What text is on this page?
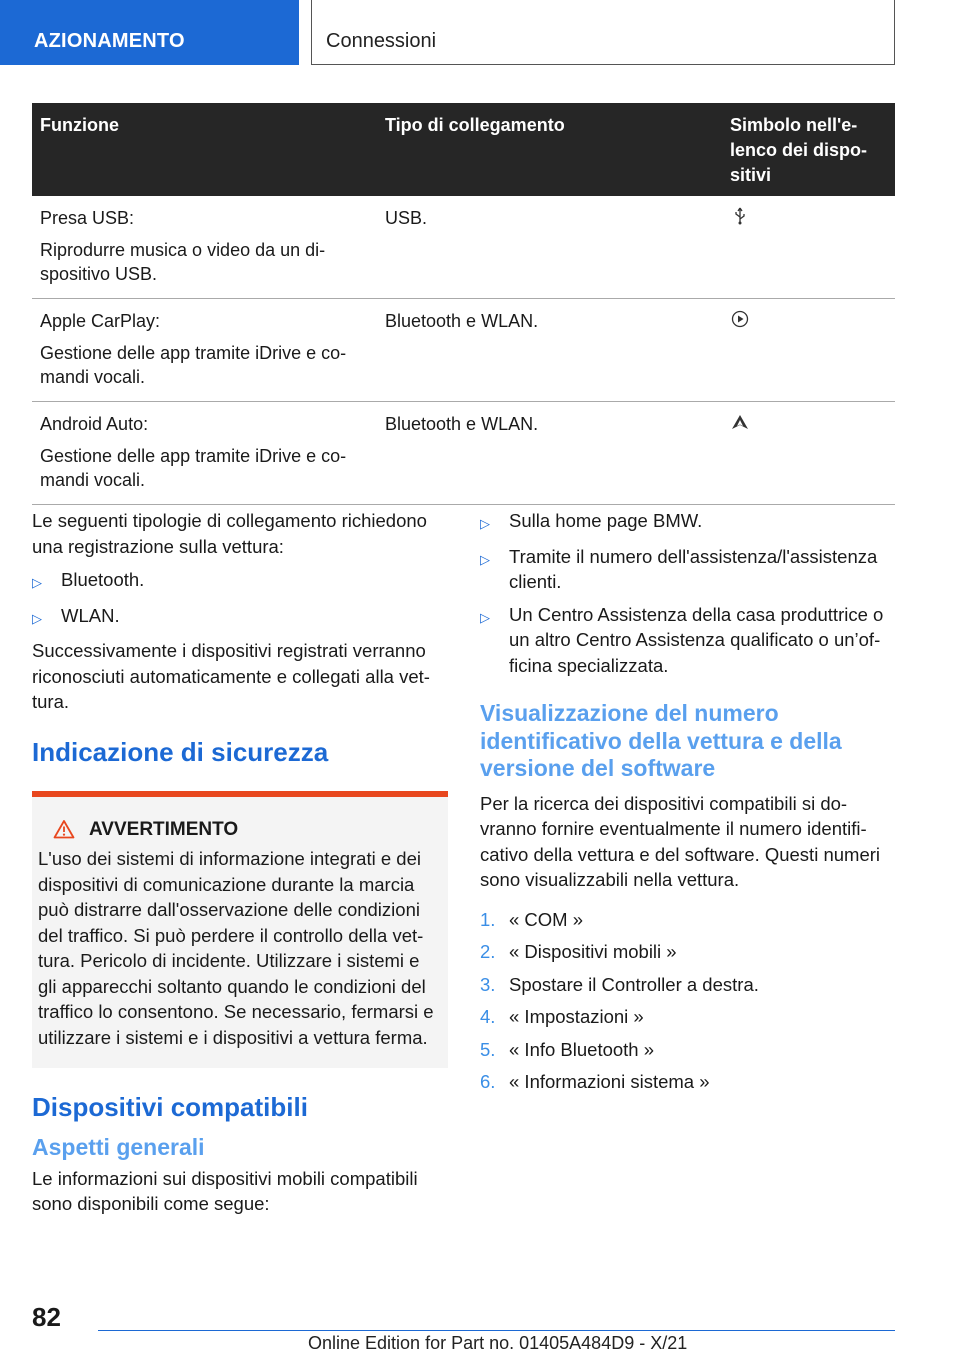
AZIONAMENTO	Connessioni
Funzione	Tipo di collegamento	Simbolo nell'e-
lenco dei dispo-
sitivi

Presa USB:

Riprodurre musica o video da un di-
spositivo USB.	USB.	

Apple CarPlay:

Gestione delle app tramite iDrive e co-
mandi vocali.	Bluetooth e WLAN.	

Android Auto:

Gestione delle app tramite iDrive e co-
mandi vocali.	Bluetooth e WLAN.	

Le seguenti tipologie di collegamento richiedono una registrazione sulla vettura:

▷	Bluetooth.
▷	WLAN.

Successivamente i dispositivi registrati verranno riconosciuti automaticamente e collegati alla vet-tura.

Indicazione di sicurezza
AVVERTIMENTO
L'uso dei sistemi di informazione integrati e dei dispositivi di comunicazione durante la marcia può distrarre dall'osservazione delle condizioni del traffico. Si può perdere il controllo della vet-tura. Pericolo di incidente. Utilizzare i sistemi e gli apparecchi soltanto quando le condizioni del traffico lo consentono. Se necessario, fermarsi e utilizzare i sistemi e i dispositivi a vettura ferma.
Dispositivi compatibili
Aspetti generali

Le informazioni sui dispositivi mobili compatibili sono disponibili come segue:

▷	Sulla home page BMW.
▷	Tramite il numero dell'assistenza/l'assistenza clienti.
▷	Un Centro Assistenza della casa produttrice o un altro Centro Assistenza qualificato o un’of-ficina specializzata.
Visualizzazione del numero identificativo della vettura e della versione del software

Per la ricerca dei dispositivi compatibili si do-vranno fornire eventualmente il numero identifi-cativo della vettura e del software. Questi numeri sono visualizzabili nella vettura.

1. « COM »
2. « Dispositivi mobili »
3. Spostare il Controller a destra.
4. « Impostazioni »
5. « Info Bluetooth »
6. « Informazioni sistema »
82
Online Edition for Part no. 01405A484D9 - X/21
